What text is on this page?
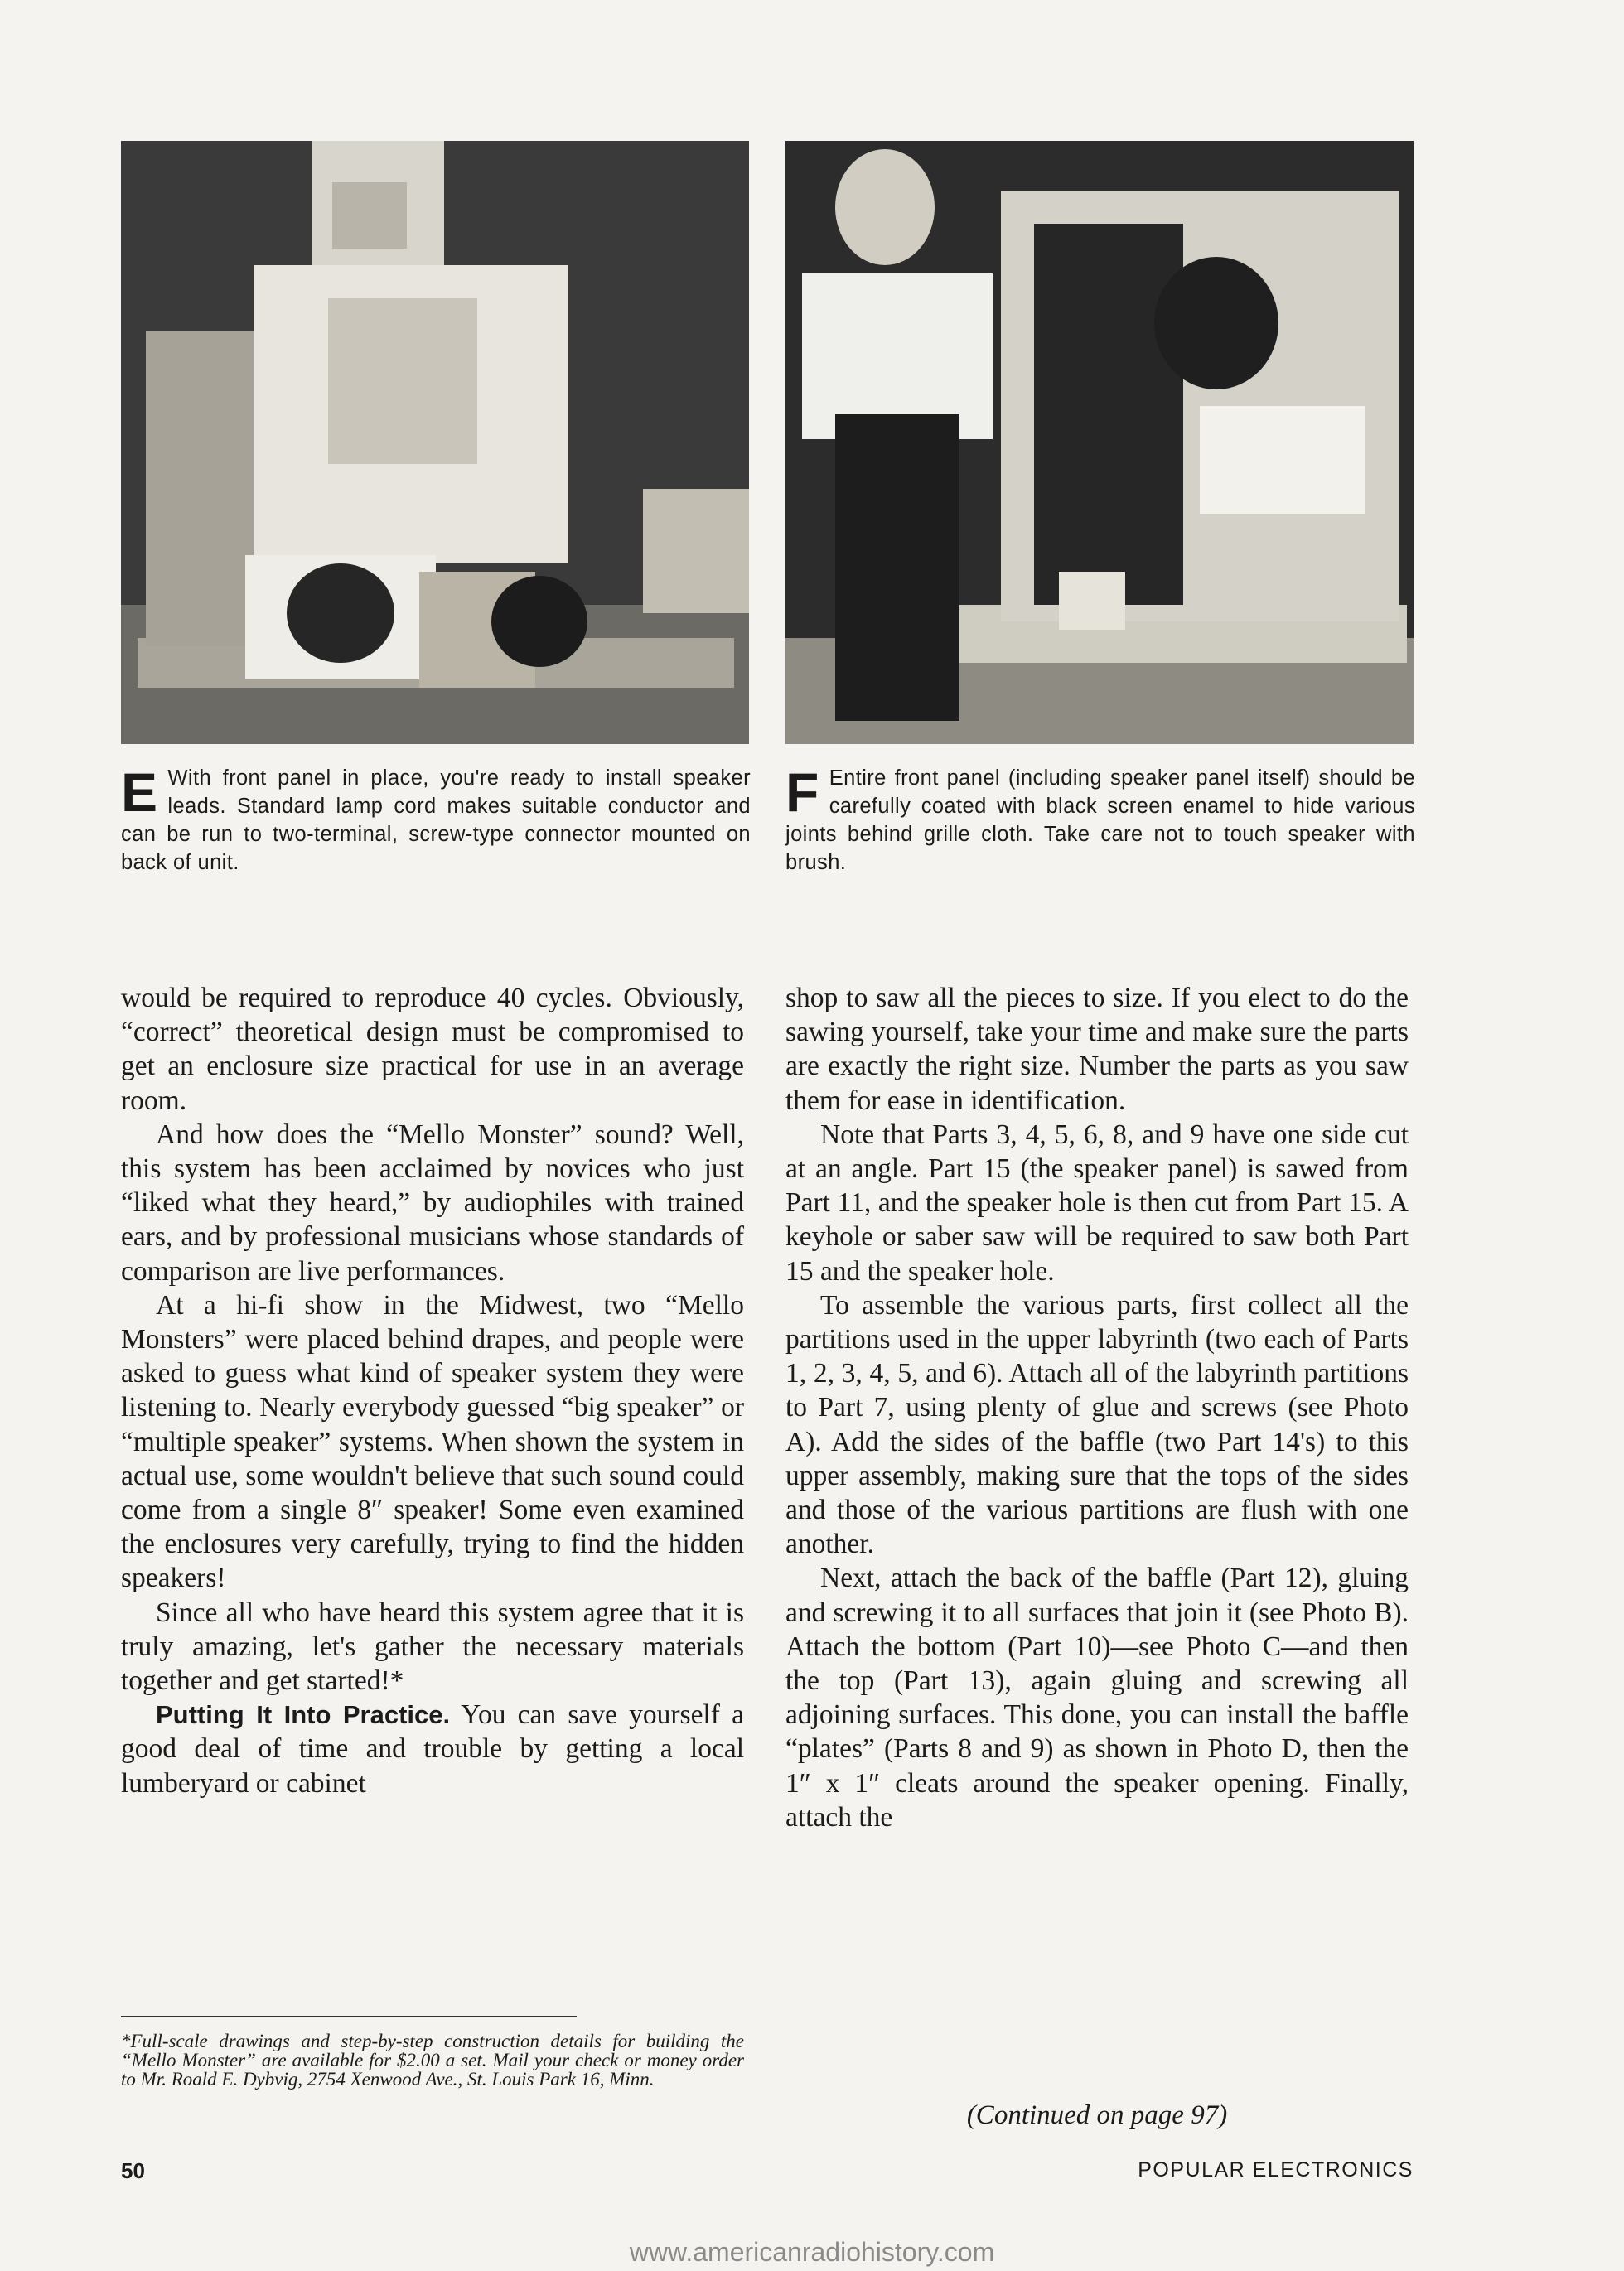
E With front panel in place, you're ready to install speaker leads. Standard lamp cord makes suitable conductor and can be run to two-terminal, screw-type connector mounted on back of unit.
F Entire front panel (including speaker panel itself) should be carefully coated with black screen enamel to hide various joints behind grille cloth. Take care not to touch speaker with brush.

would be required to reproduce 40 cycles. Obviously, “correct” theoretical design must be compromised to get an enclosure size practical for use in an average room.

And how does the “Mello Monster” sound? Well, this system has been acclaimed by novices who just “liked what they heard,” by audiophiles with trained ears, and by professional musicians whose standards of comparison are live performances.

At a hi-fi show in the Midwest, two “Mello Monsters” were placed behind drapes, and people were asked to guess what kind of speaker system they were listening to. Nearly everybody guessed “big speaker” or “multiple speaker” systems. When shown the system in actual use, some wouldn't believe that such sound could come from a single 8″ speaker! Some even examined the enclosures very carefully, trying to find the hidden speakers!

Since all who have heard this system agree that it is truly amazing, let's gather the necessary materials together and get started!*

Putting It Into Practice. You can save yourself a good deal of time and trouble by getting a local lumberyard or cabinet

*Full-scale drawings and step-by-step construction details for building the “Mello Monster” are available for $2.00 a set. Mail your check or money order to Mr. Roald E. Dybvig, 2754 Xenwood Ave., St. Louis Park 16, Minn.

shop to saw all the pieces to size. If you elect to do the sawing yourself, take your time and make sure the parts are exactly the right size. Number the parts as you saw them for ease in identification.

Note that Parts 3, 4, 5, 6, 8, and 9 have one side cut at an angle. Part 15 (the speaker panel) is sawed from Part 11, and the speaker hole is then cut from Part 15. A keyhole or saber saw will be required to saw both Part 15 and the speaker hole.

To assemble the various parts, first collect all the partitions used in the upper labyrinth (two each of Parts 1, 2, 3, 4, 5, and 6). Attach all of the labyrinth partitions to Part 7, using plenty of glue and screws (see Photo A). Add the sides of the baffle (two Part 14's) to this upper assembly, making sure that the tops of the sides and those of the various partitions are flush with one another.

Next, attach the back of the baffle (Part 12), gluing and screwing it to all surfaces that join it (see Photo B). Attach the bottom (Part 10)—see Photo C—and then the top (Part 13), again gluing and screwing all adjoining surfaces. This done, you can install the baffle “plates” (Parts 8 and 9) as shown in Photo D, then the 1″ x 1″ cleats around the speaker opening. Finally, attach the

(Continued on page 97)
50	POPULAR ELECTRONICS
www.americanradiohistory.com
